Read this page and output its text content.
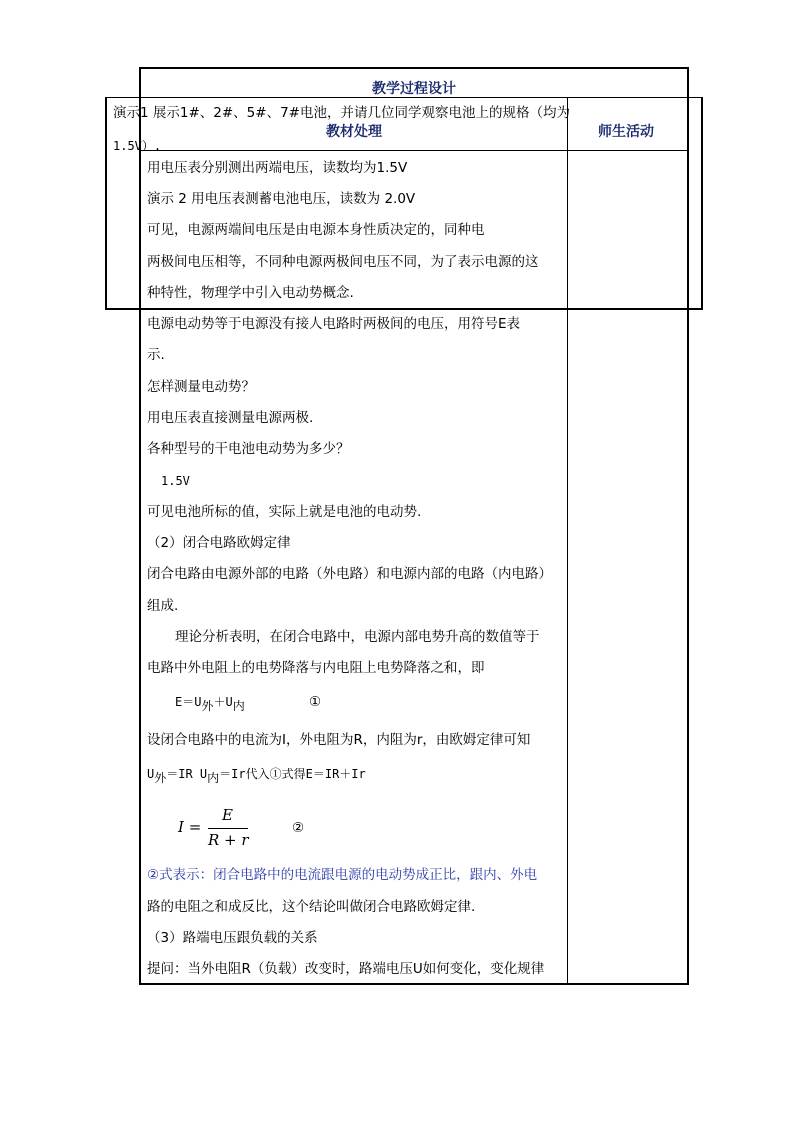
教学过程设计
教材处理	师生活动
演示1 展示1#、2#、5#、7#电池，并请几位同学观察电池上的规格（均为
1.5V）.
用电压表分别测出两端电压，读数均为1.5V
演示 2 用电压表测蓄电池电压，读数为 2.0V
可见，电源两端间电压是由电源本身性质决定的，同种电
两极间电压相等，不同种电源两极间电压不同，为了表示电源的这
种特性，物理学中引入电动势概念.
电源电动势等于电源没有接人电路时两极间的电压，用符号E表
示.
怎样测量电动势？
用电压表直接测量电源两极.
各种型号的干电池电动势为多少？
1.5V
可见电池所标的值，实际上就是电池的电动势.
（2）闭合电路欧姆定律
闭合电路由电源外部的电路（外电路）和电源内部的电路（内电路）
组成.
理论分析表明，在闭合电路中，电源内部电势升高的数值等于
电路中外电阻上的电势降落与内电阻上电势降落之和，即
E＝U外＋U内	①
设闭合电路中的电流为I，外电阻为R，内阻为r，由欧姆定律可知
U外＝IR U内＝Ir代入①式得E＝IR＋Ir
I =
E
R + r
②
②式表示：闭合电路中的电流跟电源的电动势成正比，跟内、外电
路的电阻之和成反比，这个结论叫做闭合电路欧姆定律.
（3）路端电压跟负载的关系
提问：当外电阻R（负载）改变时，路端电压U如何变化，变化规律
